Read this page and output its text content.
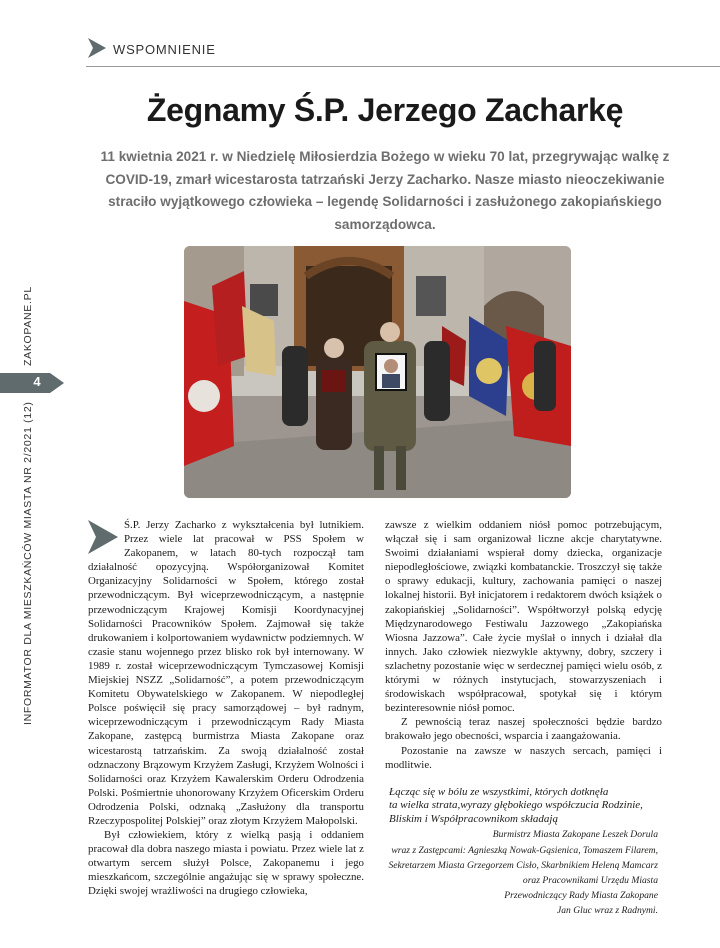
WSPOMNIENIE
ZAKOPANE.PL
4
INFORMATOR DLA MIESZKAŃCÓW MIASTA NR 2/2021 (12)
Żegnamy Ś.P. Jerzego Zacharkę

11 kwietnia 2021 r. w Niedzielę Miłosierdzia Bożego w wieku 70 lat, przegrywając walkę z COVID-19, zmarł wicestarosta tatrzański Jerzy Zacharko. Nasze miasto nieoczekiwanie straciło wyjątkowego człowieka – legendę Solidarności i zasłużonego zakopiańskiego samorządowca.

Ś.P. Jerzy Zacharko z wykształcenia był lutnikiem. Przez wiele lat pracował w PSS Społem w Zakopanem, w latach 80-tych rozpoczął tam działalność opozycyjną. Współorganizował Komitet Organizacyjny Solidarności w Społem, którego został przewodniczącym. Był wiceprzewodniczącym, a następnie przewodniczącym Krajowej Komisji Koordynacyjnej Solidarności Pracowników Społem. Zajmował się także drukowaniem i kolportowaniem wydawnictw podziemnych. W czasie stanu wojennego przez blisko rok był internowany. W 1989 r. został wiceprzewodniczącym Tymczasowej Komisji Miejskiej NSZZ „Solidarność”, a potem przewodniczącym Komitetu Obywatelskiego w Zakopanem. W niepodległej Polsce poświęcił się pracy samorządowej – był radnym, wiceprzewodniczącym i przewodniczącym Rady Miasta Zakopane, zastępcą burmistrza Miasta Zakopane oraz wicestarostą tatrzańskim. Za swoją działalność został odznaczony Brązowym Krzyżem Zasługi, Krzyżem Wolności i Solidarności oraz Krzyżem Kawalerskim Orderu Odrodzenia Polski. Pośmiertnie uhonorowany Krzyżem Oficerskim Orderu Odrodzenia Polski, odznaką „Zasłużony dla transportu Rzeczypospolitej Polskiej” oraz złotym Krzyżem Małopolski.

Był człowiekiem, który z wielką pasją i oddaniem pracował dla dobra naszego miasta i powiatu. Przez wiele lat z otwartym sercem służył Polsce, Zakopanemu i jego mieszkańcom, szczególnie angażując się w sprawy społeczne. Dzięki swojej wrażliwości na drugiego człowieka,

zawsze z wielkim oddaniem niósł pomoc potrzebującym, włączał się i sam organizował liczne akcje charytatywne. Swoimi działaniami wspierał domy dziecka, organizacje niepodległościowe, związki kombatanckie. Troszczył się także o sprawy edukacji, kultury, zachowania pamięci o naszej lokalnej historii. Był inicjatorem i redaktorem dwóch książek o zakopiańskiej „Solidarności”. Współtworzył polską edycję Międzynarodowego Festiwalu Jazzowego „Zakopiańska Wiosna Jazzowa”. Całe życie myślał o innych i działał dla innych. Jako człowiek niezwykle aktywny, dobry, szczery i szlachetny pozostanie więc w serdecznej pamięci wielu osób, z którymi w różnych instytucjach, stowarzyszeniach i środowiskach współpracował, spotykał się i którym bezinteresownie niósł pomoc.

Z pewnością teraz naszej społeczności będzie bardzo brakowało jego obecności, wsparcia i zaangażowania.

Pozostanie na zawsze w naszych sercach, pamięci i modlitwie.

Łącząc się w bólu ze wszystkimi, których dotknęła
ta wielka strata,wyrazy głębokiego współczucia Rodzinie,
Bliskim i Współpracownikom składają
Burmistrz Miasta Zakopane Leszek Dorula
wraz z Zastępcami: Agnieszką Nowak-Gąsienica, Tomaszem Filarem,
Sekretarzem Miasta Grzegorzem Cisło, Skarbnikiem Heleną Mamcarz
oraz Pracownikami Urzędu Miasta
Przewodniczący Rady Miasta Zakopane
Jan Gluc wraz z Radnymi.
